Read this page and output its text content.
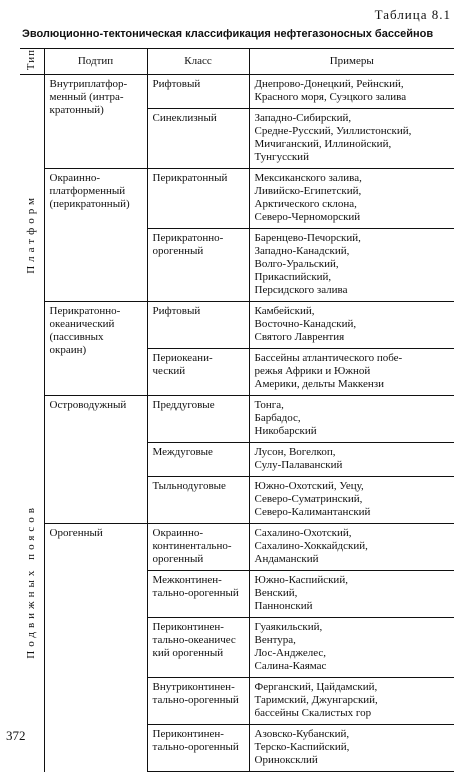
Таблица 8.1
Эволюционно-тектоническая классификация нефтегазоносных бассейнов
Тип	Подтип	Класс	Примеры
Платформ	Внутриплатфор-
менный (интра-
кратонный)	Рифтовый	Днепрово-Донецкий, Рейнский,
Красного моря, Суэцкого залива

		Синеклизный	Западно-Сибирский,
Средне-Русский, Уиллистонский,
Мичиганский, Иллинойский,
Тунгусский

	Окраинно-
платформенный
(перикратонный)	Перикратонный	Мексиканского залива,
Ливийско-Египетский,
Арктического склона,
Северо-Черноморский

		Перикратонно-
орогенный	Баренцево-Печорский,
Западно-Канадский,
Волго-Уральский,
Прикаспийский,
Персидского залива

	Перикратонно-
океанический
(пассивных
окраин)	Рифтовый	Камбейский,
Восточно-Канадский,
Святого Лаврентия

		Периокеани-
ческий	Бассейны атлантического побе-
режья Африки и Южной
Америки, дельты Маккензи

Подвижных поясов	Островодужный	Преддуговые	Тонга,
Барбадос,
Никобарский

		Междуговые	Лусон, Вогелкоп,
Сулу-Палаванский

		Тыльнодуговые	Южно-Охотский, Уецу,
Северо-Суматринский,
Северо-Калимантанский

	Орогенный	Окраинно-
континентально-
орогенный	Сахалино-Охотский,
Сахалино-Хоккайдский,
Андаманский

		Межконтинен-
тально-орогенный	Южно-Каспийский,
Венский,
Паннонский

		Периконтинен-
тально-океаничес
кий орогенный	Гуаякильский,
Вентура,
Лос-Анджелес,
Салина-Каямас

		Внутриконтинен-
тально-орогенный	Ферганский, Цайдамский,
Таримский, Джунгарский,
бассейны Скалистых гор

		Периконтинен-
тально-орогенный	Азовско-Кубанский,
Терско-Каспийский,
Ориноксклий
372
